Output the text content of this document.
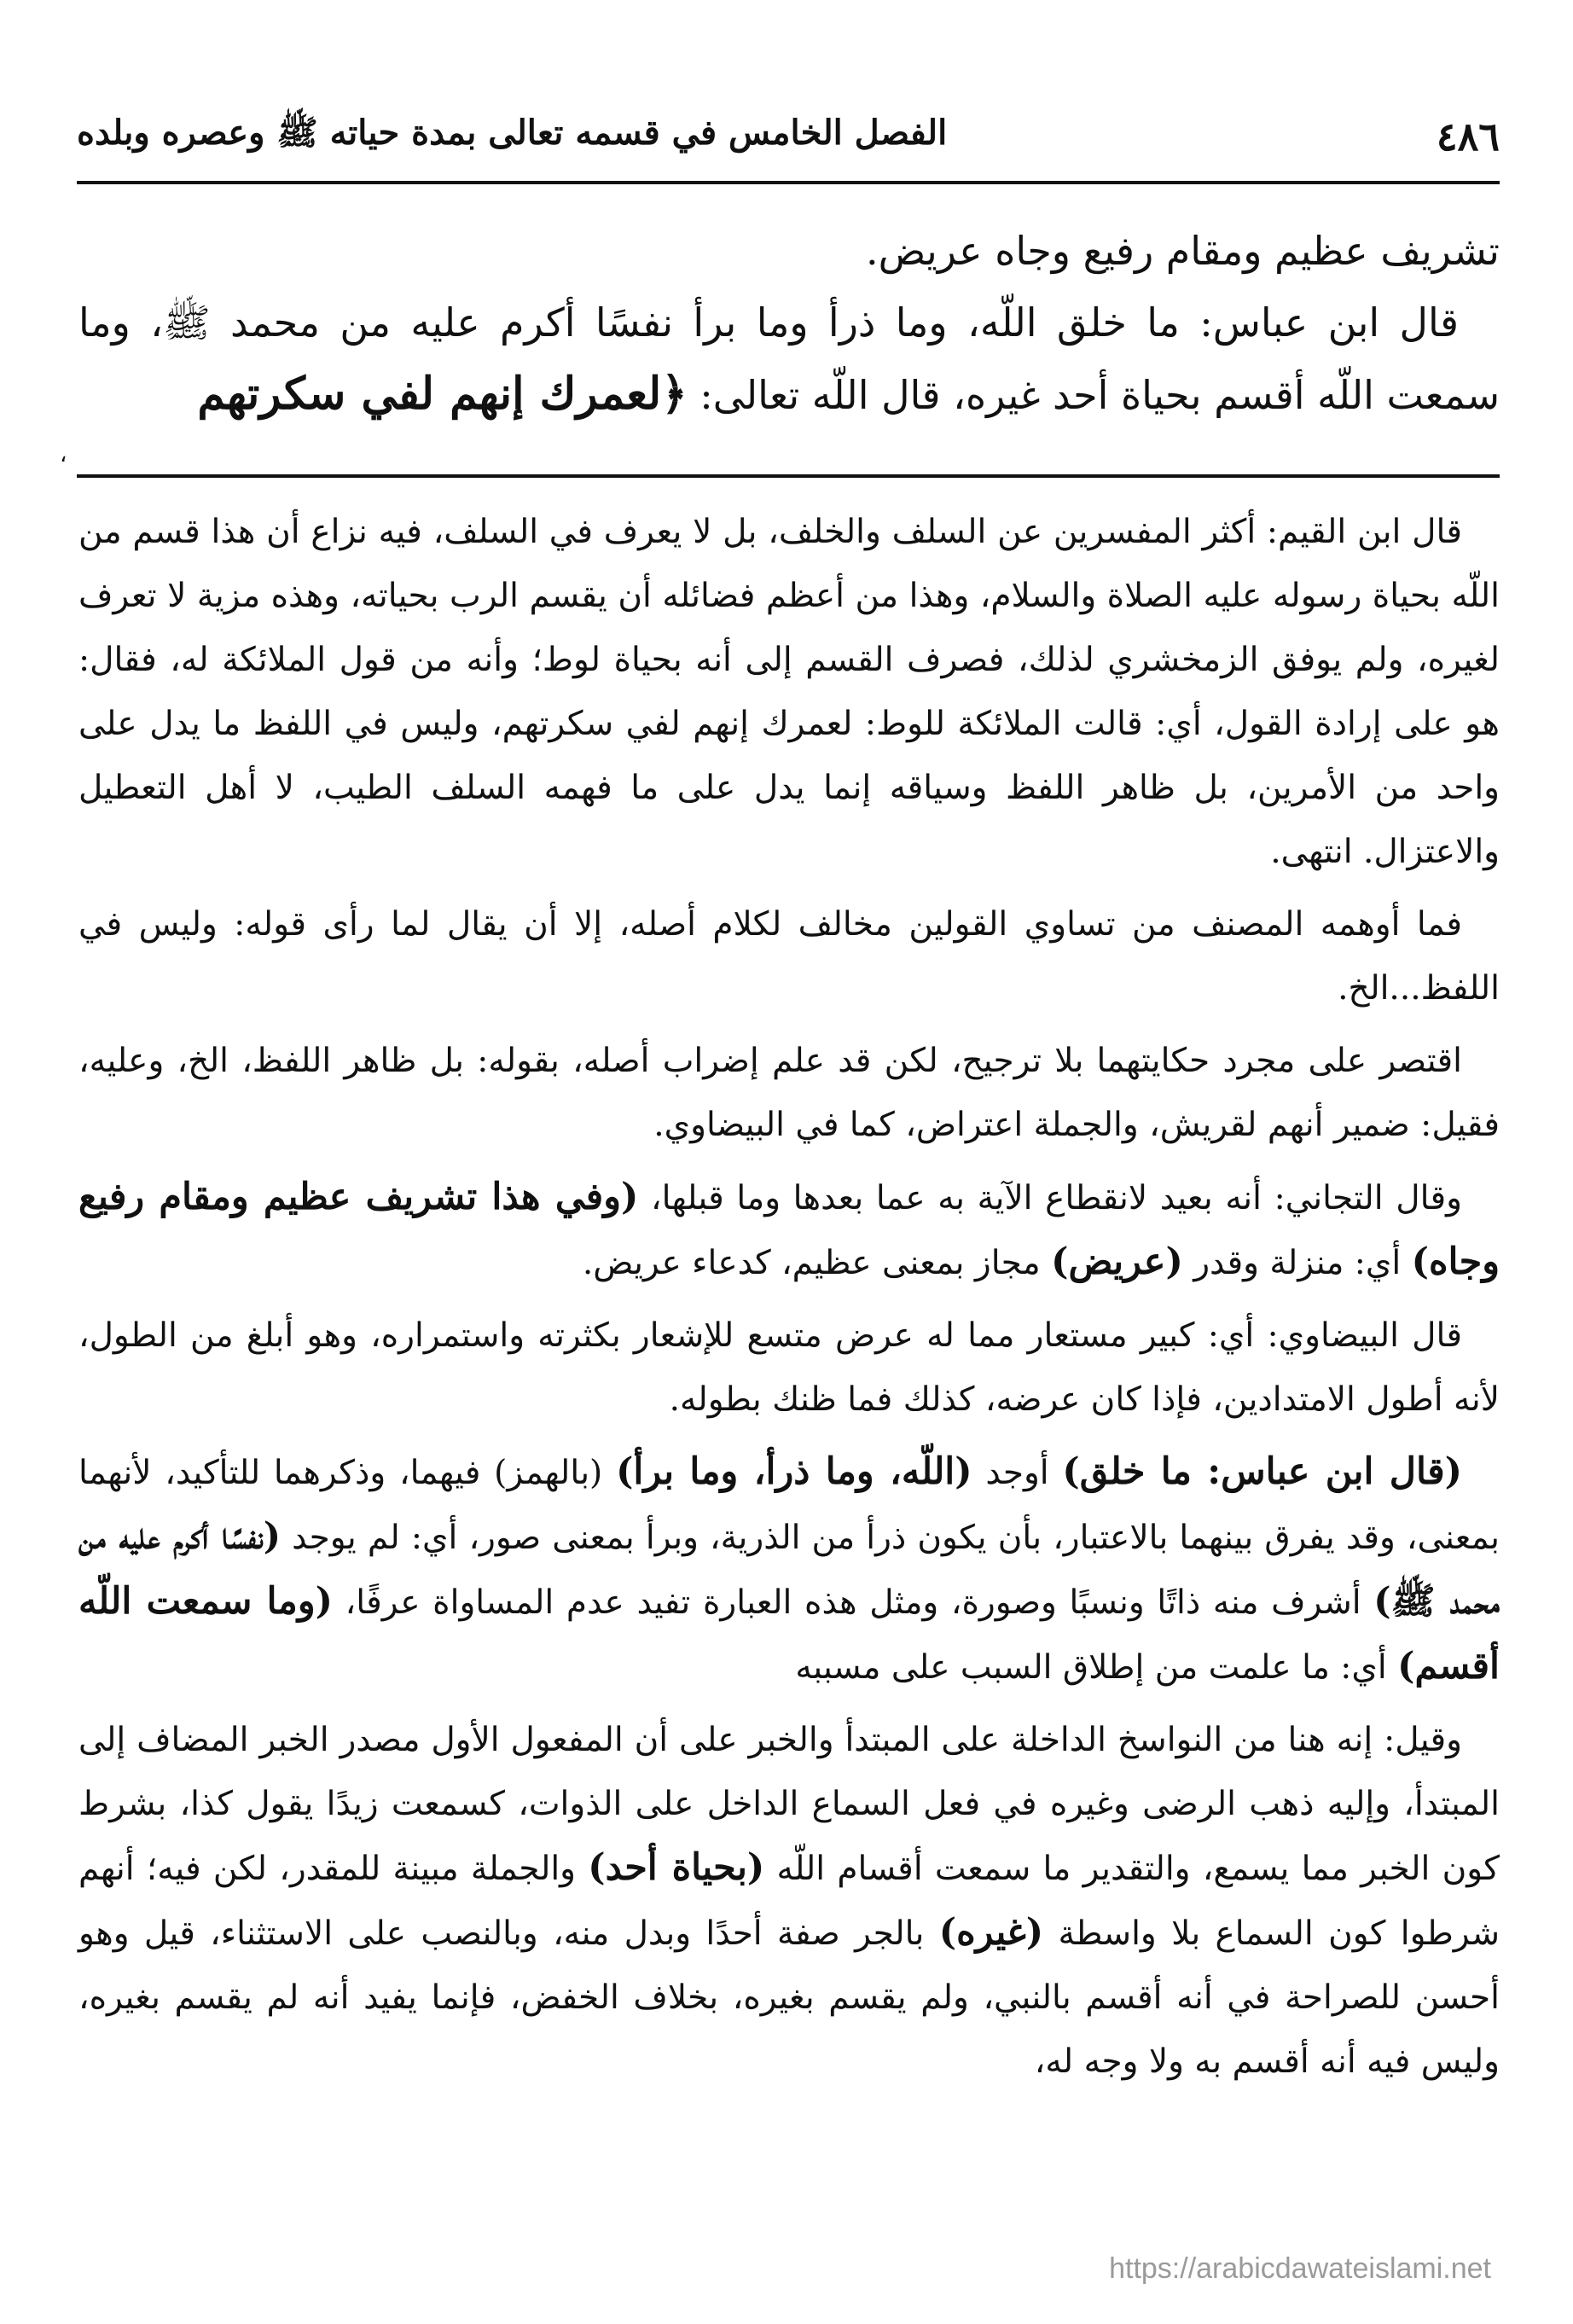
٤٨٦
الفصل الخامس في قسمه تعالى بمدة حياته ﷺ وعصره وبلده

تشريف عظيم ومقام رفيع وجاه عريض.

قال ابن عباس: ما خلق اللّه، وما ذرأ وما برأ نفسًا أكرم عليه من محمد ﷺ، وما سمعت اللّه أقسم بحياة أحد غيره، قال اللّه تعالى: ﴿لعمرك إنهم لفي سكرتهم

،

قال ابن القيم: أكثر المفسرين عن السلف والخلف، بل لا يعرف في السلف، فيه نزاع أن هذا قسم من اللّه بحياة رسوله عليه الصلاة والسلام، وهذا من أعظم فضائله أن يقسم الرب بحياته، وهذه مزية لا تعرف لغيره، ولم يوفق الزمخشري لذلك، فصرف القسم إلى أنه بحياة لوط؛ وأنه من قول الملائكة له، فقال: هو على إرادة القول، أي: قالت الملائكة للوط: لعمرك إنهم لفي سكرتهم، وليس في اللفظ ما يدل على واحد من الأمرين، بل ظاهر اللفظ وسياقه إنما يدل على ما فهمه السلف الطيب، لا أهل التعطيل والاعتزال. انتهى.

فما أوهمه المصنف من تساوي القولين مخالف لكلام أصله، إلا أن يقال لما رأى قوله: وليس في اللفظ...الخ.

اقتصر على مجرد حكايتهما بلا ترجيح، لكن قد علم إضراب أصله، بقوله: بل ظاهر اللفظ، الخ، وعليه، فقيل: ضمير أنهم لقريش، والجملة اعتراض، كما في البيضاوي.

وقال التجاني: أنه بعيد لانقطاع الآية به عما بعدها وما قبلها، (وفي هذا تشريف عظيم ومقام رفيع وجاه) أي: منزلة وقدر (عريض) مجاز بمعنى عظيم، كدعاء عريض.

قال البيضاوي: أي: كبير مستعار مما له عرض متسع للإشعار بكثرته واستمراره، وهو أبلغ من الطول، لأنه أطول الامتدادين، فإذا كان عرضه، كذلك فما ظنك بطوله.

(قال ابن عباس: ما خلق) أوجد (اللّه، وما ذرأ، وما برأ) (بالهمز) فيهما، وذكرهما للتأكيد، لأنهما بمعنى، وقد يفرق بينهما بالاعتبار، بأن يكون ذرأ من الذرية، وبرأ بمعنى صور، أي: لم يوجد (نفسًا أكرم عليه من محمد ﷺ) أشرف منه ذاتًا ونسبًا وصورة، ومثل هذه العبارة تفيد عدم المساواة عرفًا، (وما سمعت اللّه أقسم) أي: ما علمت من إطلاق السبب على مسببه

وقيل: إنه هنا من النواسخ الداخلة على المبتدأ والخبر على أن المفعول الأول مصدر الخبر المضاف إلى المبتدأ، وإليه ذهب الرضى وغيره في فعل السماع الداخل على الذوات، كسمعت زيدًا يقول كذا، بشرط كون الخبر مما يسمع، والتقدير ما سمعت أقسام اللّه (بحياة أحد) والجملة مبينة للمقدر، لكن فيه؛ أنهم شرطوا كون السماع بلا واسطة (غيره) بالجر صفة أحدًا وبدل منه، وبالنصب على الاستثناء، قيل وهو أحسن للصراحة في أنه أقسم بالنبي، ولم يقسم بغيره، بخلاف الخفض، فإنما يفيد أنه لم يقسم بغيره، وليس فيه أنه أقسم به ولا وجه له،

https://arabicdawateislami.net
